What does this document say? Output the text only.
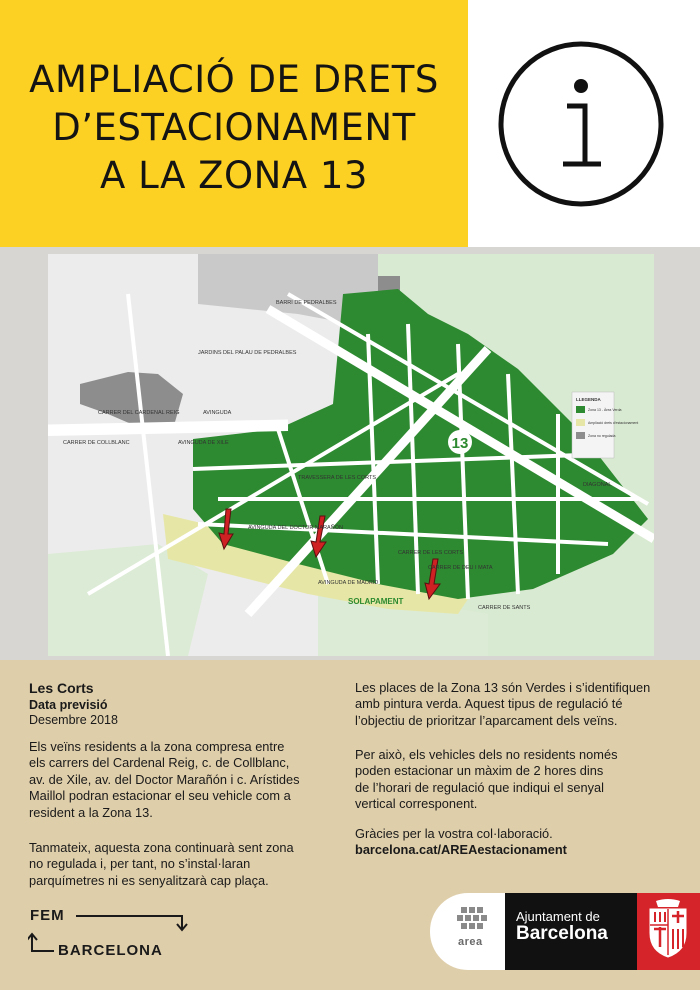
AMPLIACIÓ DE DRETS
D’ESTACIONAMENT
A LA ZONA 13
13
AVINGUDA
DIAGONAL
BARRI DE PEDRALBES
JARDINS DEL PALAU DE PEDRALBES
AVINGUDA DE XILE
CARRER DEL CARDENAL REIG
CARRER DE COLLBLANC
TRAVESSERA DE LES CORTS
AVINGUDA DEL DOCTOR MARAÑÓN
CARRER DE LES CORTS
CARRER DE DEU I MATA
SOLAPAMENT
CARRER DE SANTS
AVINGUDA DE MADRID
LLEGENDA
Zona 13 - Àrea Verda
Ampliació drets d'estacionament
Zona no regulada
Les Corts
Data previsió
Desembre 2018
Els veïns residents a la zona compresa entre
els carrers del Cardenal Reig, c. de Collblanc,
av. de Xile, av. del Doctor Marañón i c. Arístides
Maillol podran estacionar el seu vehicle com a
resident a la Zona 13.
Tanmateix, aquesta zona continuarà sent zona
no regulada i, per tant, no s’instal·laran
parquímetres ni es senyalitzarà cap plaça.
Les places de la Zona 13 són Verdes i s’identifiquen
amb pintura verda. Aquest tipus de regulació té
l’objectiu de prioritzar l’aparcament dels veïns.
Per això, els vehicles dels no residents només
poden estacionar un màxim de 2 hores dins
de l’horari de regulació que indiqui el senyal
vertical corresponent.
Gràcies per la vostra col·laboració.
barcelona.cat/AREAestacionament
FEM
BARCELONA	area
Ajuntament de
Barcelona
